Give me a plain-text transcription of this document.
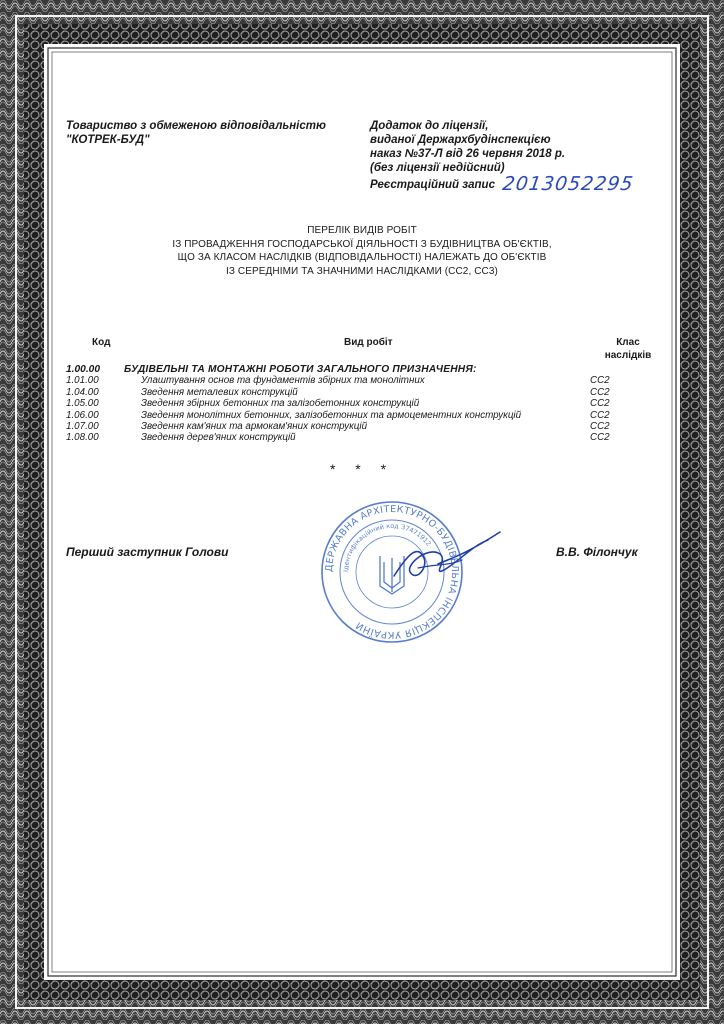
Товариство з обмеженою відповідальністю
"КОТРЕК-БУД"
Додаток до ліцензії,
виданої Держархбудінспекцією
наказ №37-Л від 26 червня 2018 р.
(без ліцензії недійсний)
Реєстраційний запис 2013052295
ПЕРЕЛІК ВИДІВ РОБІТ
ІЗ ПРОВАДЖЕННЯ ГОСПОДАРСЬКОЇ ДІЯЛЬНОСТІ З БУДІВНИЦТВА ОБ'ЄКТІВ,
ЩО ЗА КЛАСОМ НАСЛІДКІВ (ВІДПОВІДАЛЬНОСТІ) НАЛЕЖАТЬ ДО ОБ'ЄКТІВ
ІЗ СЕРЕДНІМИ ТА ЗНАЧНИМИ НАСЛІДКАМИ (СС2, СС3)
Код	Вид робіт	Клас
наслідків
1.00.00 БУДІВЕЛЬНІ ТА МОНТАЖНІ РОБОТИ ЗАГАЛЬНОГО ПРИЗНАЧЕННЯ:
1.01.00	Улаштування основ та фундаментів збірних та монолітних	СС2
1.04.00	Зведення металевих конструкцій	СС2
1.05.00	Зведення збірних бетонних та залізобетонних конструкцій	СС2
1.06.00	Зведення монолітних бетонних, залізобетонних та армоцементних конструкцій	СС2
1.07.00	Зведення кам'яних та армокам'яних конструкцій	СС2
1.08.00	Зведення дерев'яних конструкцій	СС2
* * *
ДЕРЖАВНА АРХІТЕКТУРНО-БУДІВЕЛЬНА ІНСПЕКЦІЯ УКРАЇНИ
Ідентифікаційний код 37471912
Перший заступник Голови	В.В. Філончук
